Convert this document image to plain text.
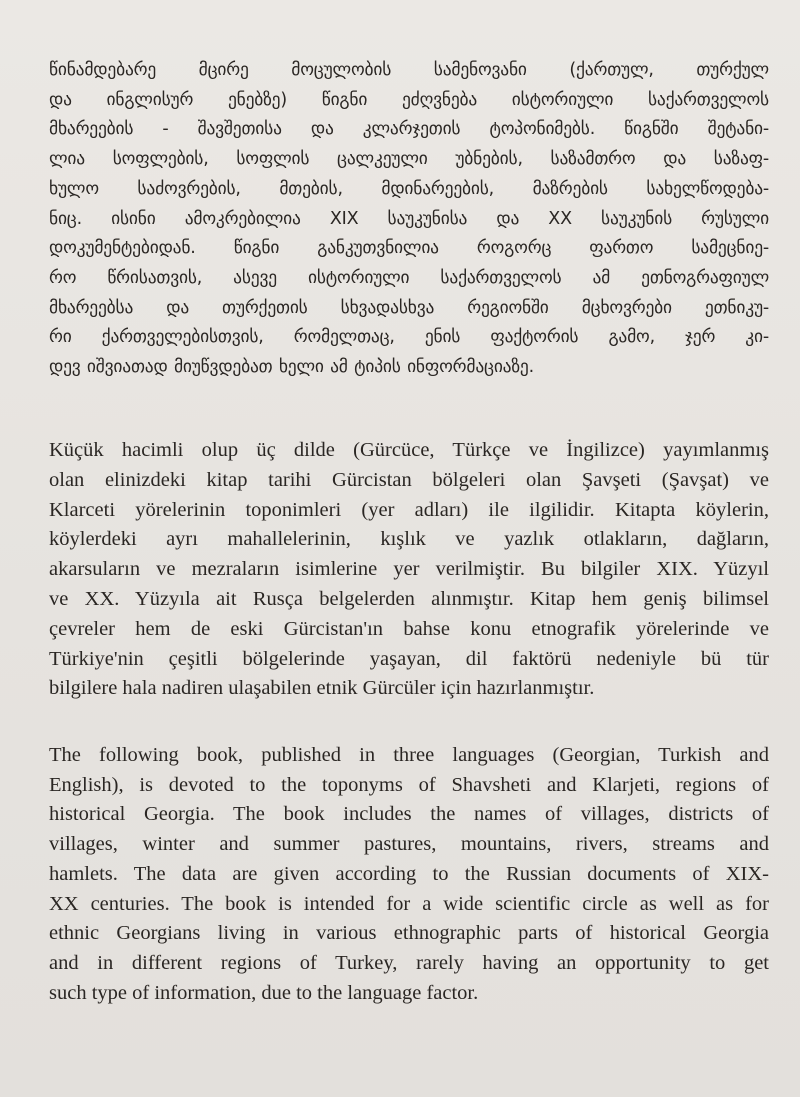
წინამდებარე მცირე მოცულობის სამენოვანი (ქართულ, თურქულ
და ინგლისურ ენებზე) წიგნი ეძღვნება ისტორიული საქართველოს
მხარეების - შავშეთისა და კლარჯეთის ტოპონიმებს. წიგნში შეტანი-
ლია სოფლების, სოფლის ცალკეული უბნების, საზამთრო და საზაფ-
ხულო საძოვრების, მთების, მდინარეების, მაზრების სახელწოდება-
ნიც. ისინი ამოკრებილია XIX საუკუნისა და XX საუკუნის რუსული
დოკუმენტებიდან. წიგნი განკუთვნილია როგორც ფართო სამეცნიე-
რო წრისათვის, ასევე ისტორიული საქართველოს ამ ეთნოგრაფიულ
მხარეებსა და თურქეთის სხვადასხვა რეგიონში მცხოვრები ეთნიკუ-
რი ქართველებისთვის, რომელთაც, ენის ფაქტორის გამო, ჯერ კი-
დევ იშვიათად მიუწვდებათ ხელი ამ ტიპის ინფორმაციაზე.
Küçük hacimli olup üç dilde (Gürcüce, Türkçe ve İngilizce) yayımlanmış
olan elinizdeki kitap tarihi Gürcistan bölgeleri olan Şavşeti (Şavşat) ve
Klarceti yörelerinin toponimleri (yer adları) ile ilgilidir. Kitapta köylerin,
köylerdeki ayrı mahallelerinin, kışlık ve yazlık otlakların, dağların,
akarsuların ve mezraların isimlerine yer verilmiştir. Bu bilgiler XIX. Yüzyıl
ve XX. Yüzyıla ait Rusça belgelerden alınmıştır. Kitap hem geniş bilimsel
çevreler hem de eski Gürcistan'ın bahse konu etnografik yörelerinde ve
Türkiye'nin çeşitli bölgelerinde yaşayan, dil faktörü nedeniyle bü tür
bilgilere hala nadiren ulaşabilen etnik Gürcüler için hazırlanmıştır.
The following book, published in three languages (Georgian, Turkish and
English), is devoted to the toponyms of Shavsheti and Klarjeti, regions of
historical Georgia. The book includes the names of villages, districts of
villages, winter and summer pastures, mountains, rivers, streams and
hamlets. The data are given according to the Russian documents of XIX-
XX centuries. The book is intended for a wide scientific circle as well as for
ethnic Georgians living in various ethnographic parts of historical Georgia
and in different regions of Turkey, rarely having an opportunity to get
such type of information, due to the language factor.
